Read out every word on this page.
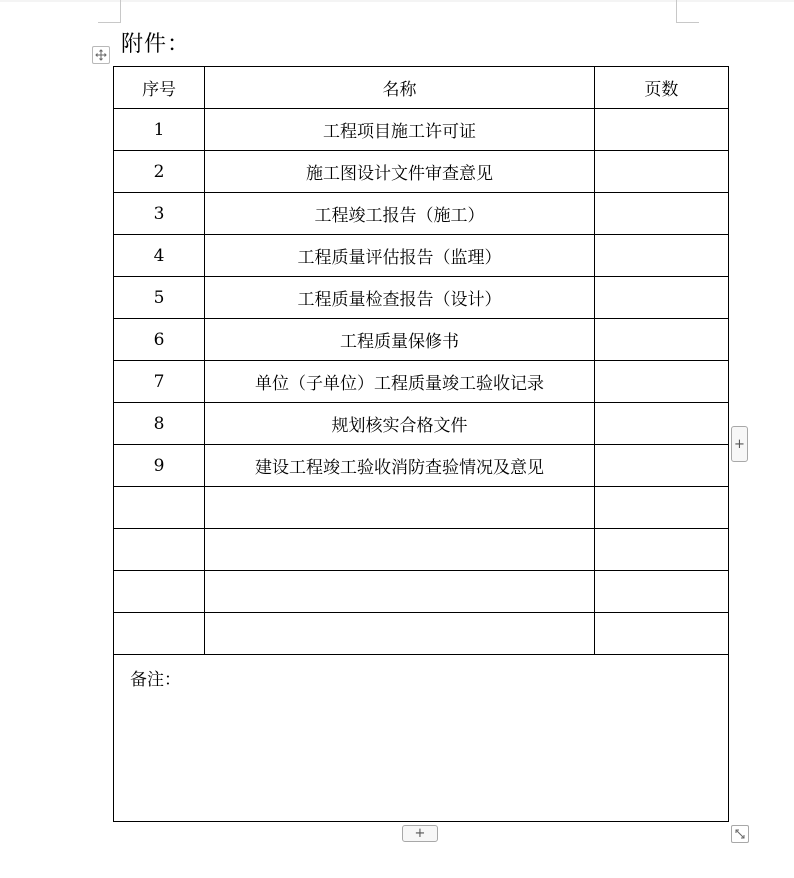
附件：
序号	名称	页数
1	工程项目施工许可证	
2	施工图设计文件审查意见	
3	工程竣工报告（施工）	
4	工程质量评估报告（监理）	
5	工程质量检查报告（设计）	
6	工程质量保修书	
7	单位（子单位）工程质量竣工验收记录	
8	规划核实合格文件	
9	建设工程竣工验收消防查验情况及意见	

备注：		
+
+
